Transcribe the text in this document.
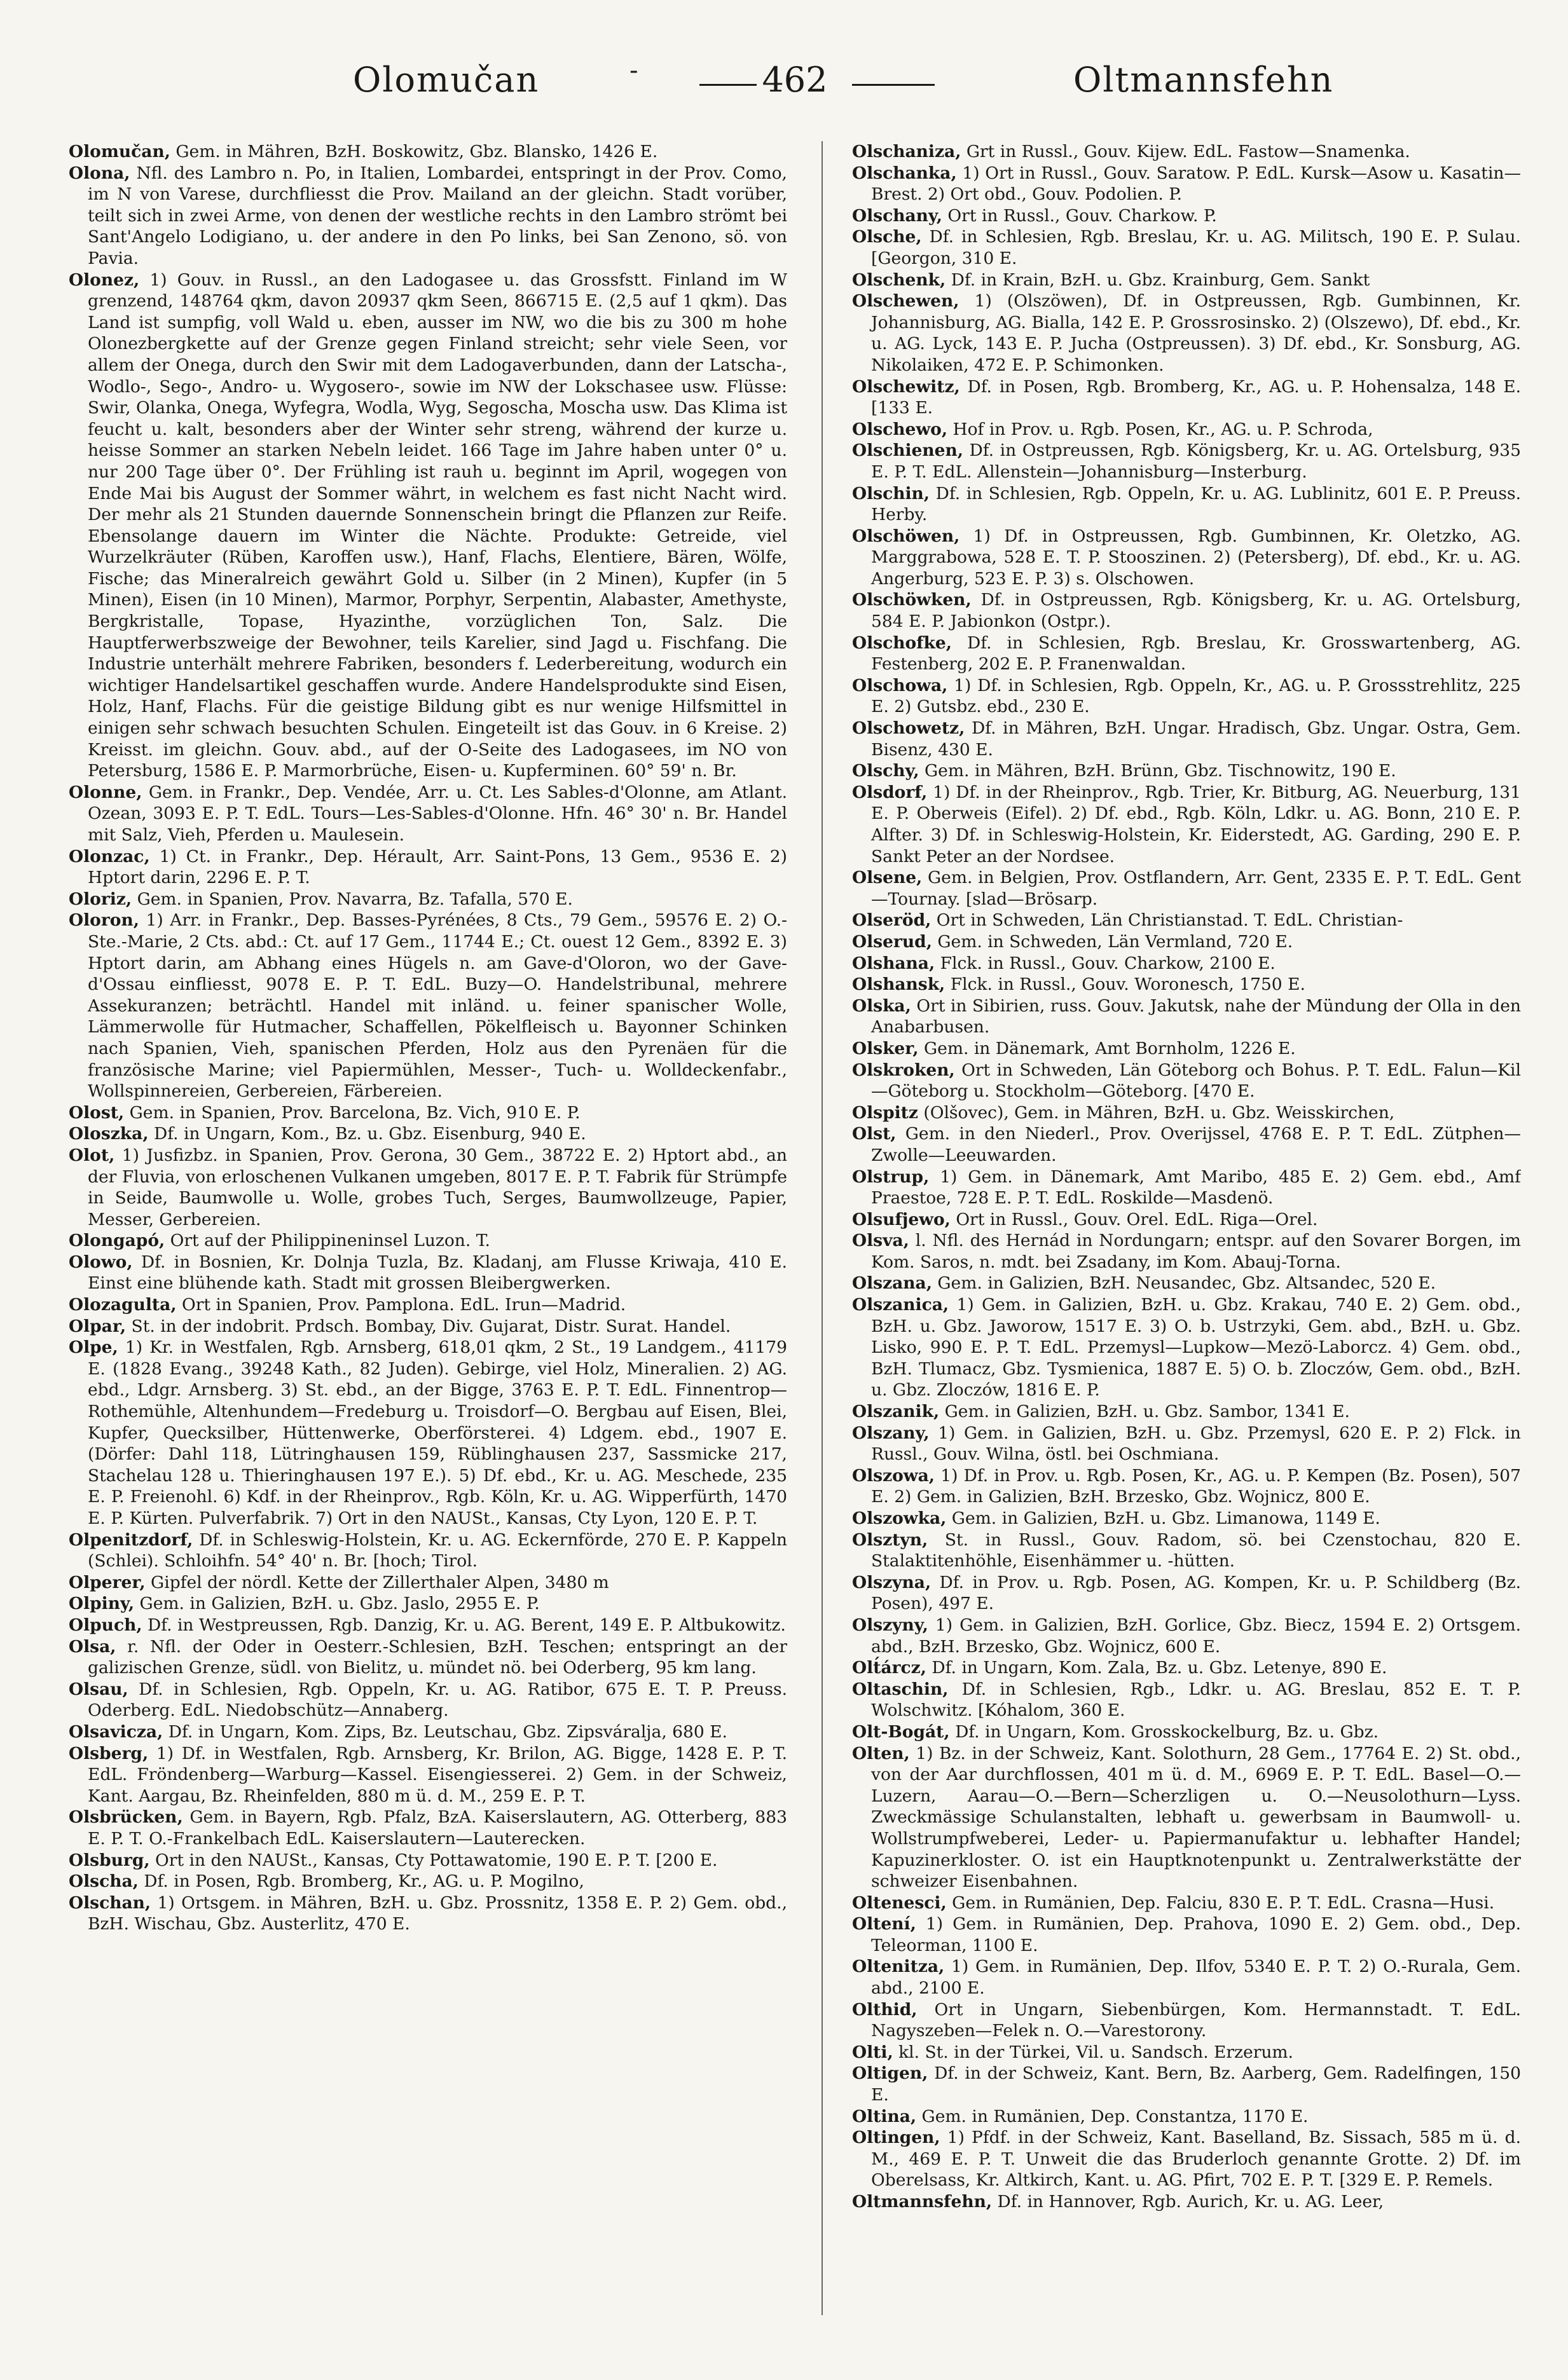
Olomučan	-	462	Oltmannsfehn

Olomučan, Gem. in Mähren, BzH. Boskowitz, Gbz. Blansko, 1426 E.

Olona, Nfl. des Lambro n. Po, in Italien, Lombardei, entspringt in der Prov. Como, im N von Varese, durchfliesst die Prov. Mailand an der gleichn. Stadt vorüber, teilt sich in zwei Arme, von denen der westliche rechts in den Lambro strömt bei Sant'Angelo Lodigiano, u. der andere in den Po links, bei San Zenono, sö. von Pavia.

Olonez, 1) Gouv. in Russl., an den Ladogasee u. das Grossfstt. Finland im W grenzend, 148764 qkm, davon 20937 qkm Seen, 866715 E. (2,5 auf 1 qkm). Das Land ist sumpfig, voll Wald u. eben, ausser im NW, wo die bis zu 300 m hohe Olonezbergkette auf der Grenze gegen Finland streicht; sehr viele Seen, vor allem der Onega, durch den Swir mit dem Ladogaverbunden, dann der Latscha-, Wodlo-, Sego-, Andro- u. Wygosero-, sowie im NW der Lokschasee usw. Flüsse: Swir, Olanka, Onega, Wyfegra, Wodla, Wyg, Segoscha, Moscha usw. Das Klima ist feucht u. kalt, besonders aber der Winter sehr streng, während der kurze u. heisse Sommer an starken Nebeln leidet. 166 Tage im Jahre haben unter 0° u. nur 200 Tage über 0°. Der Frühling ist rauh u. beginnt im April, wogegen von Ende Mai bis August der Sommer währt, in welchem es fast nicht Nacht wird. Der mehr als 21 Stunden dauernde Sonnenschein bringt die Pflanzen zur Reife. Ebensolange dauern im Winter die Nächte. Produkte: Getreide, viel Wurzelkräuter (Rüben, Karoffen usw.), Hanf, Flachs, Elentiere, Bären, Wölfe, Fische; das Mineralreich gewährt Gold u. Silber (in 2 Minen), Kupfer (in 5 Minen), Eisen (in 10 Minen), Marmor, Porphyr, Serpentin, Alabaster, Amethyste, Bergkristalle, Topase, Hyazinthe, vorzüglichen Ton, Salz. Die Hauptferwerbszweige der Bewohner, teils Karelier, sind Jagd u. Fischfang. Die Industrie unterhält mehrere Fabriken, besonders f. Lederbereitung, wodurch ein wichtiger Handelsartikel geschaffen wurde. Andere Handelsprodukte sind Eisen, Holz, Hanf, Flachs. Für die geistige Bildung gibt es nur wenige Hilfsmittel in einigen sehr schwach besuchten Schulen. Eingeteilt ist das Gouv. in 6 Kreise. 2) Kreisst. im gleichn. Gouv. abd., auf der O-Seite des Ladogasees, im NO von Petersburg, 1586 E. P. Marmorbrüche, Eisen- u. Kupferminen. 60° 59' n. Br.

Olonne, Gem. in Frankr., Dep. Vendée, Arr. u. Ct. Les Sables-d'Olonne, am Atlant. Ozean, 3093 E. P. T. EdL. Tours—Les-Sables-d'Olonne. Hfn. 46° 30' n. Br. Handel mit Salz, Vieh, Pferden u. Maulesein.

Olonzac, 1) Ct. in Frankr., Dep. Hérault, Arr. Saint-Pons, 13 Gem., 9536 E. 2) Hptort darin, 2296 E. P. T.

Oloriz, Gem. in Spanien, Prov. Navarra, Bz. Tafalla, 570 E.

Oloron, 1) Arr. in Frankr., Dep. Basses-Pyrénées, 8 Cts., 79 Gem., 59576 E. 2) O.-Ste.-Marie, 2 Cts. abd.: Ct. auf 17 Gem., 11744 E.; Ct. ouest 12 Gem., 8392 E. 3) Hptort darin, am Abhang eines Hügels n. am Gave-d'Oloron, wo der Gave-d'Ossau einfliesst, 9078 E. P. T. EdL. Buzy—O. Handelstribunal, mehrere Assekuranzen; beträchtl. Handel mit inländ. u. feiner spanischer Wolle, Lämmerwolle für Hutmacher, Schaffellen, Pökelfleisch u. Bayonner Schinken nach Spanien, Vieh, spanischen Pferden, Holz aus den Pyrenäen für die französische Marine; viel Papiermühlen, Messer-, Tuch- u. Wolldeckenfabr., Wollspinnereien, Gerbereien, Färbereien.

Olost, Gem. in Spanien, Prov. Barcelona, Bz. Vich, 910 E. P.

Oloszka, Df. in Ungarn, Kom., Bz. u. Gbz. Eisenburg, 940 E.

Olot, 1) Jusfizbz. in Spanien, Prov. Gerona, 30 Gem., 38722 E. 2) Hptort abd., an der Fluvia, von erloschenen Vulkanen umgeben, 8017 E. P. T. Fabrik für Strümpfe in Seide, Baumwolle u. Wolle, grobes Tuch, Serges, Baumwollzeuge, Papier, Messer, Gerbereien.

Olongapó, Ort auf der Philippineninsel Luzon. T.

Olowo, Df. in Bosnien, Kr. Dolnja Tuzla, Bz. Kladanj, am Flusse Kriwaja, 410 E. Einst eine blühende kath. Stadt mit grossen Bleibergwerken.

Olozagulta, Ort in Spanien, Prov. Pamplona. EdL. Irun—Madrid.

Olpar, St. in der indobrit. Prdsch. Bombay, Div. Gujarat, Distr. Surat. Handel.

Olpe, 1) Kr. in Westfalen, Rgb. Arnsberg, 618,01 qkm, 2 St., 19 Landgem., 41179 E. (1828 Evang., 39248 Kath., 82 Juden). Gebirge, viel Holz, Mineralien. 2) AG. ebd., Ldgr. Arnsberg. 3) St. ebd., an der Bigge, 3763 E. P. T. EdL. Finnentrop—Rothemühle, Altenhundem—Fredeburg u. Troisdorf—O. Bergbau auf Eisen, Blei, Kupfer, Quecksilber, Hüttenwerke, Oberförsterei. 4) Ldgem. ebd., 1907 E. (Dörfer: Dahl 118, Lütringhausen 159, Rüblinghausen 237, Sassmicke 217, Stachelau 128 u. Thieringhausen 197 E.). 5) Df. ebd., Kr. u. AG. Meschede, 235 E. P. Freienohl. 6) Kdf. in der Rheinprov., Rgb. Köln, Kr. u. AG. Wipperfürth, 1470 E. P. Kürten. Pulverfabrik. 7) Ort in den NAUSt., Kansas, Cty Lyon, 120 E. P. T.

Olpenitzdorf, Df. in Schleswig-Holstein, Kr. u. AG. Eckernförde, 270 E. P. Kappeln (Schlei). Schloihfn. 54° 40' n. Br. [hoch; Tirol.

Olperer, Gipfel der nördl. Kette der Zillerthaler Alpen, 3480 m

Olpiny, Gem. in Galizien, BzH. u. Gbz. Jaslo, 2955 E. P.

Olpuch, Df. in Westpreussen, Rgb. Danzig, Kr. u. AG. Berent, 149 E. P. Altbukowitz.

Olsa, r. Nfl. der Oder in Oesterr.-Schlesien, BzH. Teschen; entspringt an der galizischen Grenze, südl. von Bielitz, u. mündet nö. bei Oderberg, 95 km lang.

Olsau, Df. in Schlesien, Rgb. Oppeln, Kr. u. AG. Ratibor, 675 E. T. P. Preuss. Oderberg. EdL. Niedobschütz—Annaberg.

Olsavicza, Df. in Ungarn, Kom. Zips, Bz. Leutschau, Gbz. Zipsváralja, 680 E.

Olsberg, 1) Df. in Westfalen, Rgb. Arnsberg, Kr. Brilon, AG. Bigge, 1428 E. P. T. EdL. Fröndenberg—Warburg—Kassel. Eisengiesserei. 2) Gem. in der Schweiz, Kant. Aargau, Bz. Rheinfelden, 880 m ü. d. M., 259 E. P. T.

Olsbrücken, Gem. in Bayern, Rgb. Pfalz, BzA. Kaiserslautern, AG. Otterberg, 883 E. P. T. O.-Frankelbach EdL. Kaiserslautern—Lauterecken.

Olsburg, Ort in den NAUSt., Kansas, Cty Pottawatomie, 190 E. P. T. [200 E.

Olscha, Df. in Posen, Rgb. Bromberg, Kr., AG. u. P. Mogilno,

Olschan, 1) Ortsgem. in Mähren, BzH. u. Gbz. Prossnitz, 1358 E. P. 2) Gem. obd., BzH. Wischau, Gbz. Austerlitz, 470 E.

Olschaniza, Grt in Russl., Gouv. Kijew. EdL. Fastow—Snamenka.

Olschanka, 1) Ort in Russl., Gouv. Saratow. P. EdL. Kursk—Asow u. Kasatin—Brest. 2) Ort obd., Gouv. Podolien. P.

Olschany, Ort in Russl., Gouv. Charkow. P.

Olsche, Df. in Schlesien, Rgb. Breslau, Kr. u. AG. Militsch, 190 E. P. Sulau. [Georgon, 310 E.

Olschenk, Df. in Krain, BzH. u. Gbz. Krainburg, Gem. Sankt

Olschewen, 1) (Olszöwen), Df. in Ostpreussen, Rgb. Gumbinnen, Kr. Johannisburg, AG. Bialla, 142 E. P. Grossrosinsko. 2) (Olszewo), Df. ebd., Kr. u. AG. Lyck, 143 E. P. Jucha (Ostpreussen). 3) Df. ebd., Kr. Sonsburg, AG. Nikolaiken, 472 E. P. Schimonken.

Olschewitz, Df. in Posen, Rgb. Bromberg, Kr., AG. u. P. Hohensalza, 148 E. [133 E.

Olschewo, Hof in Prov. u. Rgb. Posen, Kr., AG. u. P. Schroda,

Olschienen, Df. in Ostpreussen, Rgb. Königsberg, Kr. u. AG. Ortelsburg, 935 E. P. T. EdL. Allenstein—Johannisburg—Insterburg.

Olschin, Df. in Schlesien, Rgb. Oppeln, Kr. u. AG. Lublinitz, 601 E. P. Preuss. Herby.

Olschöwen, 1) Df. in Ostpreussen, Rgb. Gumbinnen, Kr. Oletzko, AG. Marggrabowa, 528 E. T. P. Stooszinen. 2) (Petersberg), Df. ebd., Kr. u. AG. Angerburg, 523 E. P. 3) s. Olschowen.

Olschöwken, Df. in Ostpreussen, Rgb. Königsberg, Kr. u. AG. Ortelsburg, 584 E. P. Jabionkon (Ostpr.).

Olschofke, Df. in Schlesien, Rgb. Breslau, Kr. Grosswartenberg, AG. Festenberg, 202 E. P. Franenwaldan.

Olschowa, 1) Df. in Schlesien, Rgb. Oppeln, Kr., AG. u. P. Grossstrehlitz, 225 E. 2) Gutsbz. ebd., 230 E.

Olschowetz, Df. in Mähren, BzH. Ungar. Hradisch, Gbz. Ungar. Ostra, Gem. Bisenz, 430 E.

Olschy, Gem. in Mähren, BzH. Brünn, Gbz. Tischnowitz, 190 E.

Olsdorf, 1) Df. in der Rheinprov., Rgb. Trier, Kr. Bitburg, AG. Neuerburg, 131 E. P. Oberweis (Eifel). 2) Df. ebd., Rgb. Köln, Ldkr. u. AG. Bonn, 210 E. P. Alfter. 3) Df. in Schleswig-Holstein, Kr. Eiderstedt, AG. Garding, 290 E. P. Sankt Peter an der Nordsee.

Olsene, Gem. in Belgien, Prov. Ostflandern, Arr. Gent, 2335 E. P. T. EdL. Gent—Tournay. [slad—Brösarp.

Olseröd, Ort in Schweden, Län Christianstad. T. EdL. Christian-

Olserud, Gem. in Schweden, Län Vermland, 720 E.

Olshana, Flck. in Russl., Gouv. Charkow, 2100 E.

Olshansk, Flck. in Russl., Gouv. Woronesch, 1750 E.

Olska, Ort in Sibirien, russ. Gouv. Jakutsk, nahe der Mündung der Olla in den Anabarbusen.

Olsker, Gem. in Dänemark, Amt Bornholm, 1226 E.

Olskroken, Ort in Schweden, Län Göteborg och Bohus. P. T. EdL. Falun—Kil—Göteborg u. Stockholm—Göteborg. [470 E.

Olspitz (Olšovec), Gem. in Mähren, BzH. u. Gbz. Weisskirchen,

Olst, Gem. in den Niederl., Prov. Overijssel, 4768 E. P. T. EdL. Zütphen—Zwolle—Leeuwarden.

Olstrup, 1) Gem. in Dänemark, Amt Maribo, 485 E. 2) Gem. ebd., Amf Praestoe, 728 E. P. T. EdL. Roskilde—Masdenö.

Olsufjewo, Ort in Russl., Gouv. Orel. EdL. Riga—Orel.

Olsva, l. Nfl. des Hernád in Nordungarn; entspr. auf den Sovarer Borgen, im Kom. Saros, n. mdt. bei Zsadany, im Kom. Abauj-Torna.

Olszana, Gem. in Galizien, BzH. Neusandec, Gbz. Altsandec, 520 E.

Olszanica, 1) Gem. in Galizien, BzH. u. Gbz. Krakau, 740 E. 2) Gem. obd., BzH. u. Gbz. Jaworow, 1517 E. 3) O. b. Ustrzyki, Gem. abd., BzH. u. Gbz. Lisko, 990 E. P. T. EdL. Przemysl—Lupkow—Mezö-Laborcz. 4) Gem. obd., BzH. Tlumacz, Gbz. Tysmienica, 1887 E. 5) O. b. Zloczów, Gem. obd., BzH. u. Gbz. Zloczów, 1816 E. P.

Olszanik, Gem. in Galizien, BzH. u. Gbz. Sambor, 1341 E.

Olszany, 1) Gem. in Galizien, BzH. u. Gbz. Przemysl, 620 E. P. 2) Flck. in Russl., Gouv. Wilna, östl. bei Oschmiana.

Olszowa, 1) Df. in Prov. u. Rgb. Posen, Kr., AG. u. P. Kempen (Bz. Posen), 507 E. 2) Gem. in Galizien, BzH. Brzesko, Gbz. Wojnicz, 800 E.

Olszowka, Gem. in Galizien, BzH. u. Gbz. Limanowa, 1149 E.

Olsztyn, St. in Russl., Gouv. Radom, sö. bei Czenstochau, 820 E. Stalaktitenhöhle, Eisenhämmer u. -hütten.

Olszyna, Df. in Prov. u. Rgb. Posen, AG. Kompen, Kr. u. P. Schildberg (Bz. Posen), 497 E.

Olszyny, 1) Gem. in Galizien, BzH. Gorlice, Gbz. Biecz, 1594 E. 2) Ortsgem. abd., BzH. Brzesko, Gbz. Wojnicz, 600 E.

Olt́árcz, Df. in Ungarn, Kom. Zala, Bz. u. Gbz. Letenye, 890 E.

Oltaschin, Df. in Schlesien, Rgb., Ldkr. u. AG. Breslau, 852 E. T. P. Wolschwitz. [Kóhalom, 360 E.

Olt-Bogát, Df. in Ungarn, Kom. Grosskockelburg, Bz. u. Gbz.

Olten, 1) Bz. in der Schweiz, Kant. Solothurn, 28 Gem., 17764 E. 2) St. obd., von der Aar durchflossen, 401 m ü. d. M., 6969 E. P. T. EdL. Basel—O.—Luzern, Aarau—O.—Bern—Scherzligen u. O.—Neusolothurn—Lyss. Zweckmässige Schulanstalten, lebhaft u. gewerbsam in Baumwoll- u. Wollstrumpfweberei, Leder- u. Papiermanufaktur u. lebhafter Handel; Kapuzinerkloster. O. ist ein Hauptknotenpunkt u. Zentralwerkstätte der schweizer Eisenbahnen.

Oltenesci, Gem. in Rumänien, Dep. Falciu, 830 E. P. T. EdL. Crasna—Husi.

Oltení, 1) Gem. in Rumänien, Dep. Prahova, 1090 E. 2) Gem. obd., Dep. Teleorman, 1100 E.

Oltenitza, 1) Gem. in Rumänien, Dep. Ilfov, 5340 E. P. T. 2) O.-Rurala, Gem. abd., 2100 E.

Olthid, Ort in Ungarn, Siebenbürgen, Kom. Hermannstadt. T. EdL. Nagyszeben—Felek n. O.—Varestorony.

Olti, kl. St. in der Türkei, Vil. u. Sandsch. Erzerum.

Oltigen, Df. in der Schweiz, Kant. Bern, Bz. Aarberg, Gem. Radelfingen, 150 E.

Oltina, Gem. in Rumänien, Dep. Constantza, 1170 E.

Oltingen, 1) Pfdf. in der Schweiz, Kant. Baselland, Bz. Sissach, 585 m ü. d. M., 469 E. P. T. Unweit die das Bruderloch genannte Grotte. 2) Df. im Oberelsass, Kr. Altkirch, Kant. u. AG. Pfirt, 702 E. P. T. [329 E. P. Remels.

Oltmannsfehn, Df. in Hannover, Rgb. Aurich, Kr. u. AG. Leer,
